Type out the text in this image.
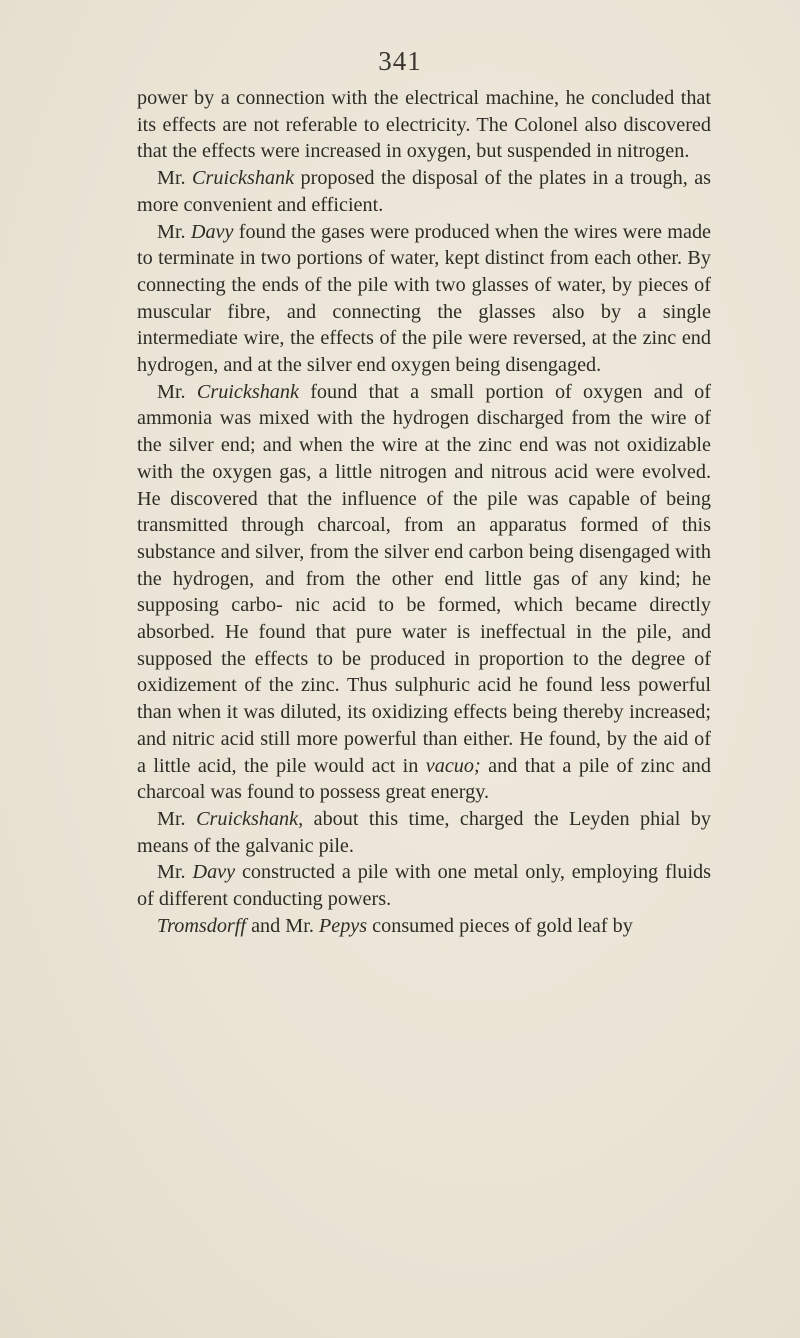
341

power by a connection with the electrical machine, he concluded that its effects are not referable to electricity. The Colonel also discovered that the effects were increased in oxygen, but suspended in nitrogen.

Mr. Cruickshank proposed the disposal of the plates in a trough, as more convenient and efficient.

Mr. Davy found the gases were produced when the wires were made to terminate in two portions of water, kept distinct from each other. By connecting the ends of the pile with two glasses of water, by pieces of muscular fibre, and connecting the glasses also by a single intermediate wire, the effects of the pile were reversed, at the zinc end hydrogen, and at the silver end oxygen being disengaged.

Mr. Cruickshank found that a small portion of oxygen and of ammonia was mixed with the hydrogen discharged from the wire of the silver end; and when the wire at the zinc end was not oxidizable with the oxygen gas, a little nitrogen and nitrous acid were evolved. He discovered that the influence of the pile was capable of being transmitted through charcoal, from an apparatus formed of this substance and silver, from the silver end carbon being disengaged with the hydrogen, and from the other end little gas of any kind; he supposing carbo- nic acid to be formed, which became directly absorbed. He found that pure water is ineffectual in the pile, and supposed the effects to be produced in proportion to the degree of oxidizement of the zinc. Thus sulphuric acid he found less powerful than when it was diluted, its oxidizing effects being thereby increased; and nitric acid still more powerful than either. He found, by the aid of a little acid, the pile would act in vacuo; and that a pile of zinc and charcoal was found to possess great energy.

Mr. Cruickshank, about this time, charged the Leyden phial by means of the galvanic pile.

Mr. Davy constructed a pile with one metal only, employing fluids of different conducting powers.

Tromsdorff and Mr. Pepys consumed pieces of gold leaf by
